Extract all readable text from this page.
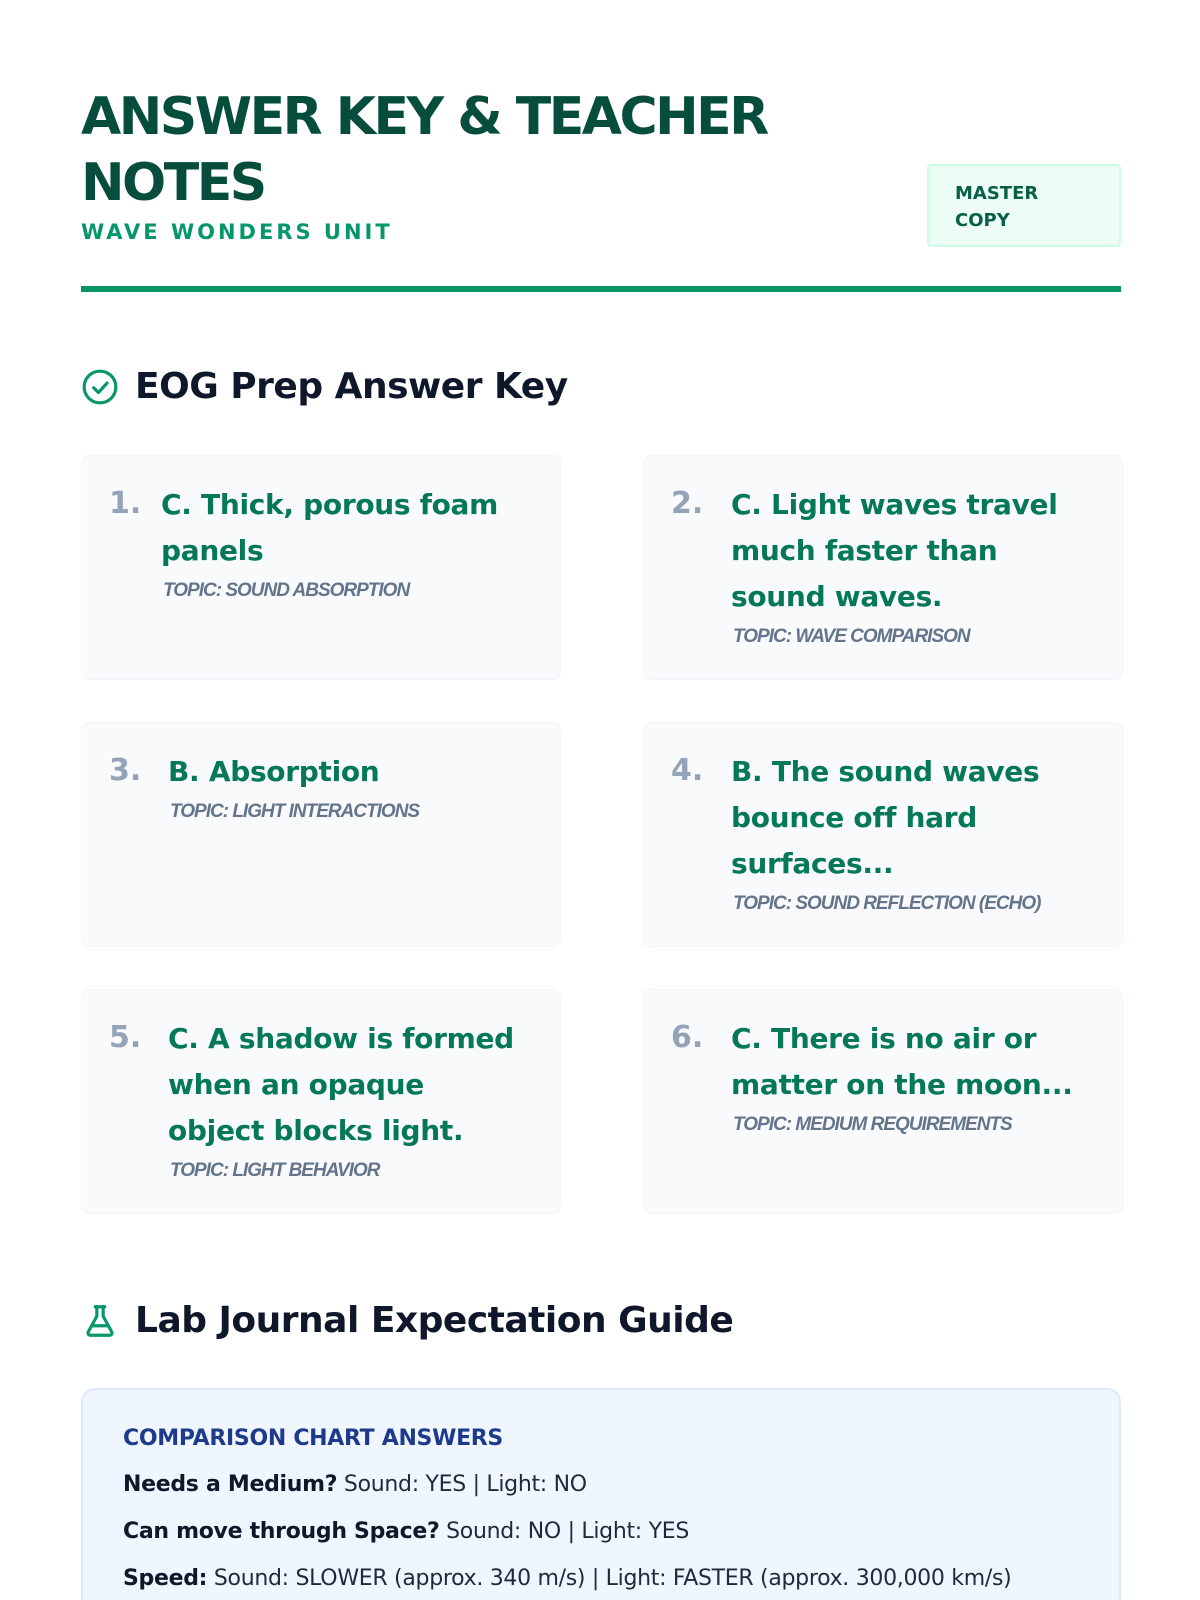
ANSWER KEY & TEACHER NOTES
WAVE WONDERS UNIT
MASTER COPY
EOG Prep Answer Key
1. C. Thick, porous foam panels
TOPIC: SOUND ABSORPTION
2. C. Light waves travel much faster than sound waves.
TOPIC: WAVE COMPARISON
3. B. Absorption
TOPIC: LIGHT INTERACTIONS
4. B. The sound waves bounce off hard surfaces...
TOPIC: SOUND REFLECTION (ECHO)
5. C. A shadow is formed when an opaque object blocks light.
TOPIC: LIGHT BEHAVIOR
6. C. There is no air or matter on the moon...
TOPIC: MEDIUM REQUIREMENTS
Lab Journal Expectation Guide
COMPARISON CHART ANSWERS
Needs a Medium? Sound: YES | Light: NO
Can move through Space? Sound: NO | Light: YES
Speed: Sound: SLOWER (approx. 340 m/s) | Light: FASTER (approx. 300,000 km/s)
